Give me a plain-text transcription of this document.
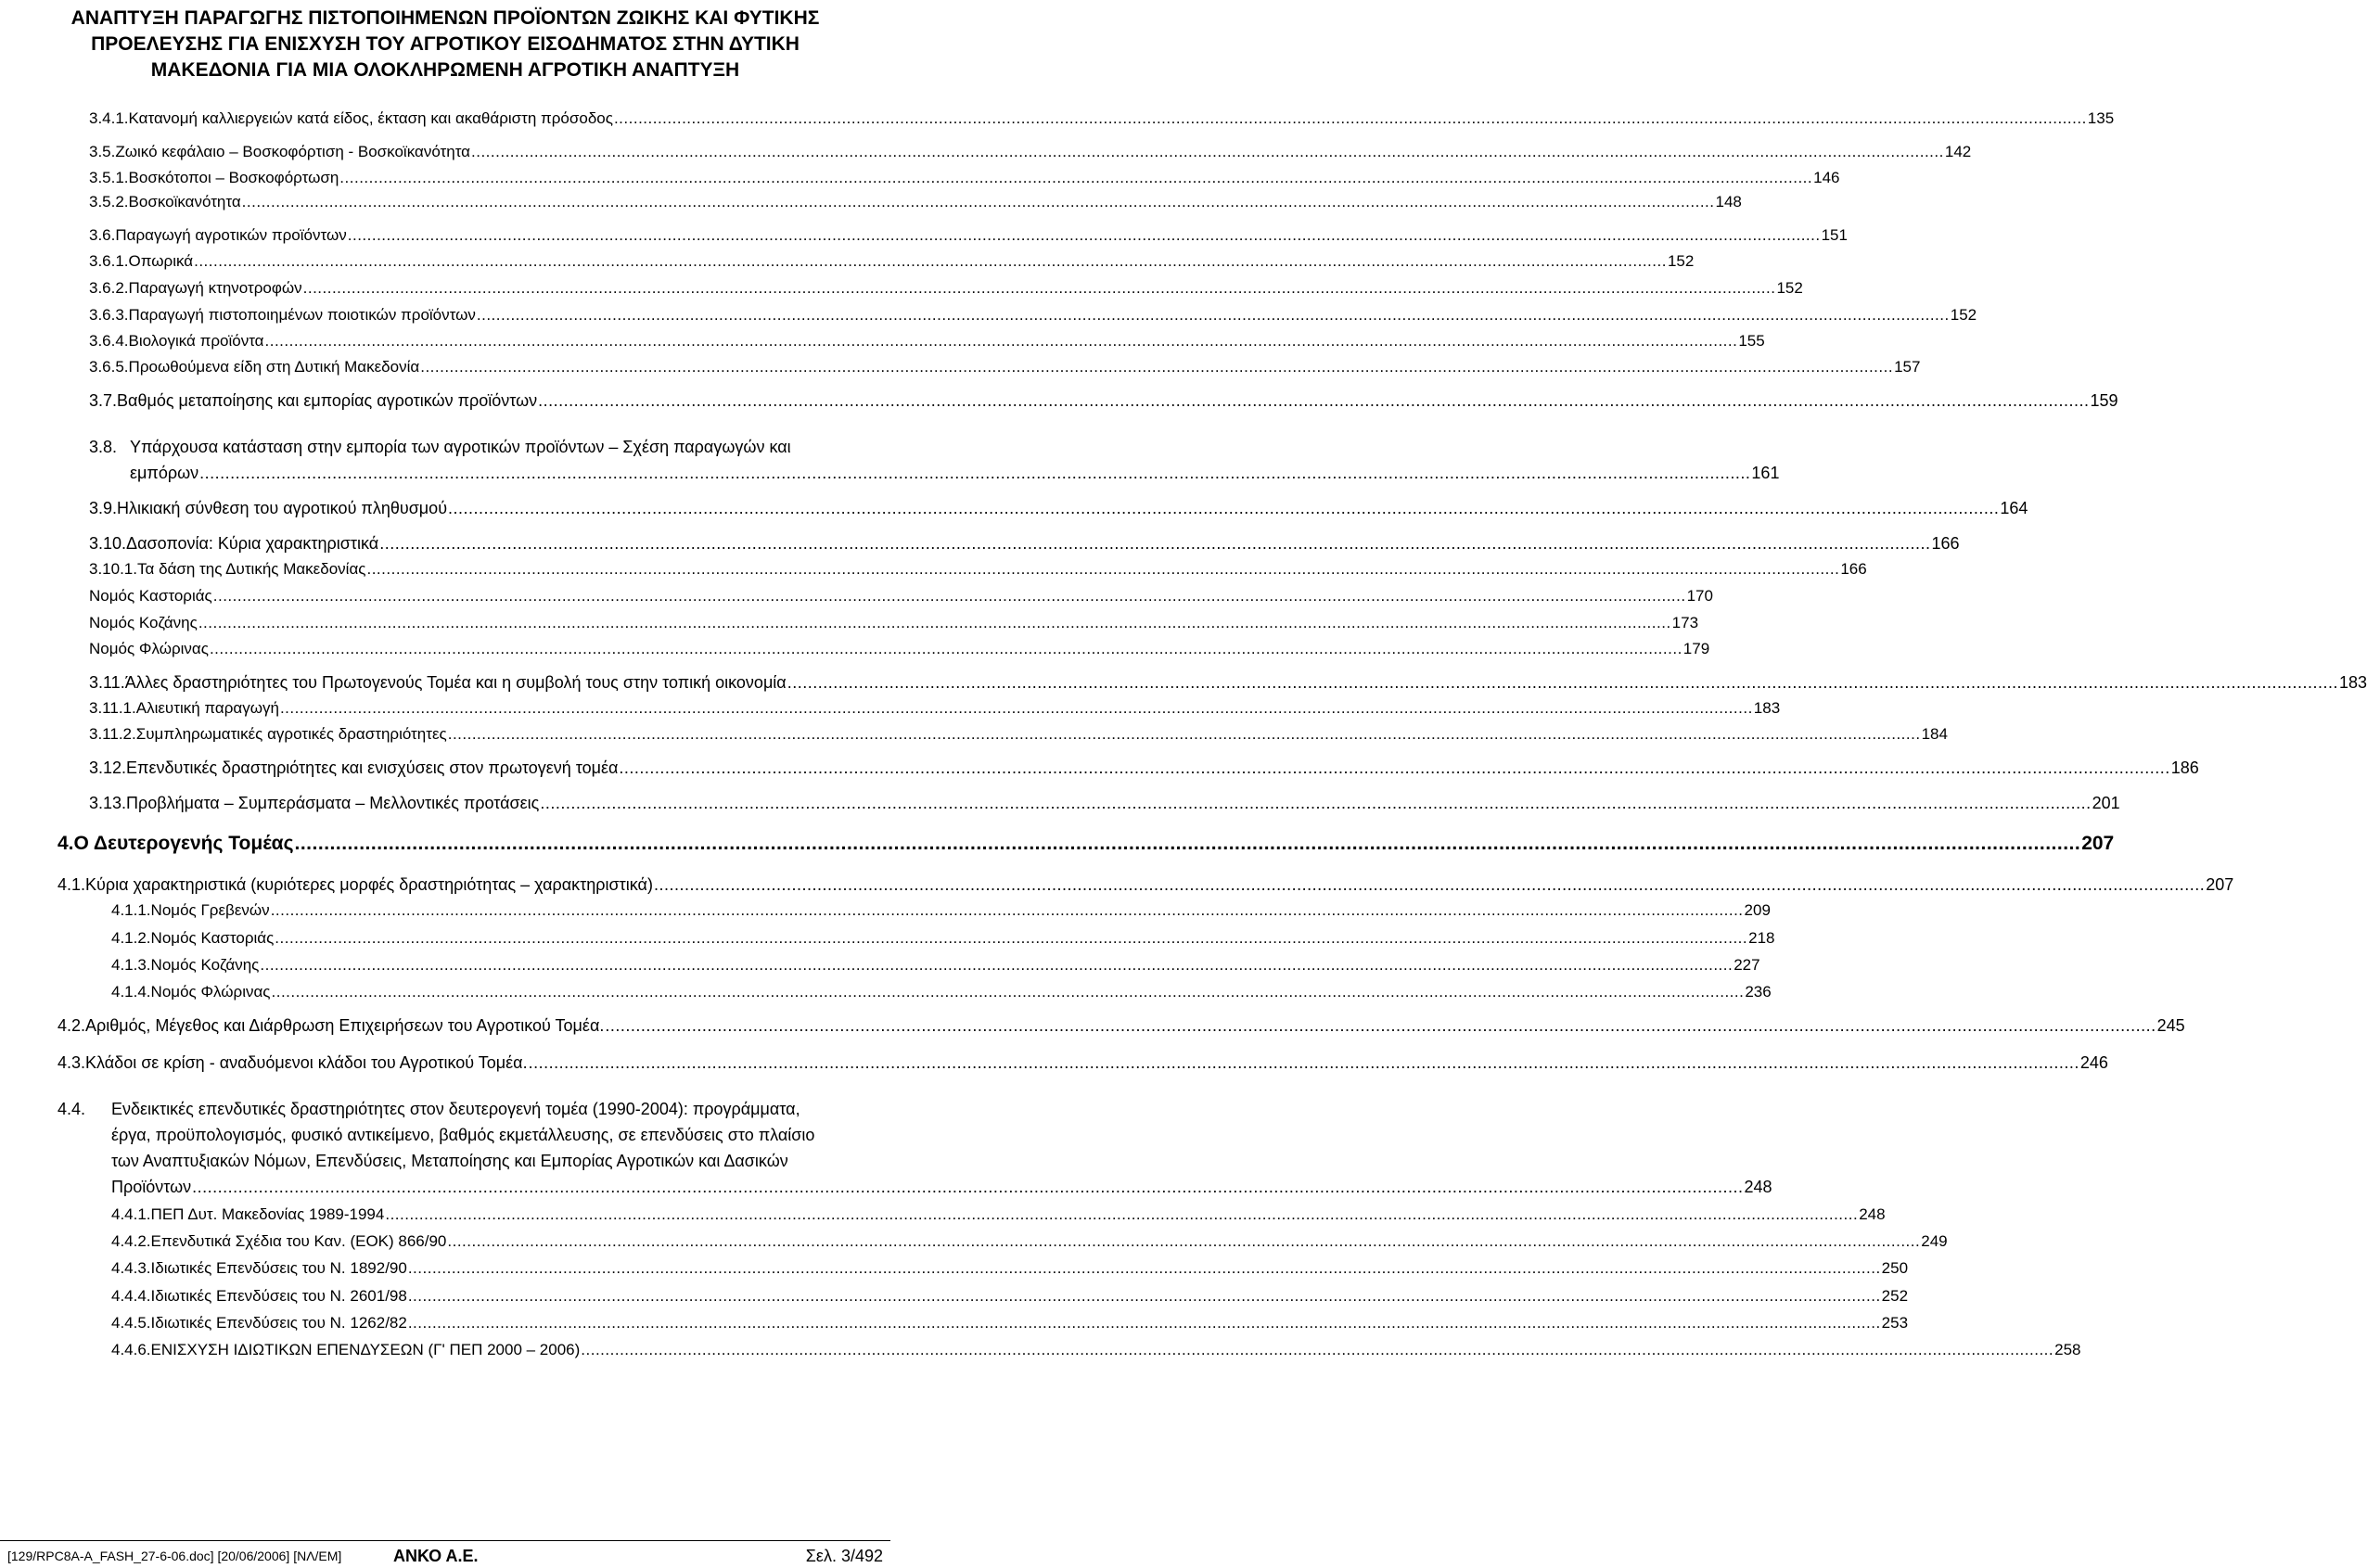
ΑΝΑΠΤΥΞΗ ΠΑΡΑΓΩΓΗΣ ΠΙΣΤΟΠΟΙΗΜΕΝΩΝ ΠΡΟΪΟΝΤΩΝ ΖΩΙΚΗΣ ΚΑΙ ΦΥΤΙΚΗΣ
ΠΡΟΕΛΕΥΣΗΣ ΓΙΑ ΕΝΙΣΧΥΣΗ ΤΟΥ ΑΓΡΟΤΙΚΟΥ ΕΙΣΟΔΗΜΑΤΟΣ ΣΤΗΝ ΔΥΤΙΚΗ
ΜΑΚΕΔΟΝΙΑ ΓΙΑ ΜΙΑ ΟΛΟΚΛΗΡΩΜΕΝΗ ΑΓΡΟΤΙΚΗ ΑΝΑΠΤΥΞΗ
3.4.1. Κατανομή καλλιεργειών κατά είδος, έκταση και ακαθάριστη πρόσοδος .....	135
3.5. Ζωικό κεφάλαιο – Βοσκοφόρτιση - Βοσκοϊκανότητα .....	142
3.5.1. Βοσκότοποι – Βοσκοφόρτωση .....	146
3.5.2. Βοσκοϊκανότητα .....	148
3.6. Παραγωγή αγροτικών προϊόντων .....	151
3.6.1. Οπωρικά .....	152
3.6.2. Παραγωγή κτηνοτροφών .....	152
3.6.3. Παραγωγή πιστοποιημένων ποιοτικών προϊόντων .....	152
3.6.4. Βιολογικά προϊόντα .....	155
3.6.5. Προωθούμενα είδη στη Δυτική Μακεδονία .....	157
3.7. Βαθμός μεταποίησης και εμπορίας αγροτικών προϊόντων .....	159
3.8. Υπάρχουσα κατάσταση στην εμπορία των αγροτικών προϊόντων – Σχέση παραγωγών και
εμπόρων .....	161
3.9. Ηλικιακή σύνθεση του αγροτικού πληθυσμού .....	164
3.10. Δασοπονία: Κύρια χαρακτηριστικά .....	166
3.10.1. Τα δάση της Δυτικής Μακεδονίας .....	166
Νομός Καστοριάς .....	170
Νομός Κοζάνης .....	173
Νομός Φλώρινας .....	179
3.11. Άλλες δραστηριότητες του Πρωτογενούς Τομέα και η συμβολή τους στην τοπική οικονομία .....	183
3.11.1. Αλιευτική παραγωγή .....	183
3.11.2. Συμπληρωματικές αγροτικές δραστηριότητες .....	184
3.12. Επενδυτικές δραστηριότητες και ενισχύσεις στον πρωτογενή τομέα .....	186
3.13. Προβλήματα – Συμπεράσματα – Μελλοντικές προτάσεις .....	201
4. Ο Δευτερογενής Τομέας .....	207
4.1. Κύρια χαρακτηριστικά (κυριότερες μορφές δραστηριότητας – χαρακτηριστικά) .....	207
4.1.1. Νομός Γρεβενών .....	209
4.1.2. Νομός Καστοριάς .....	218
4.1.3. Νομός Κοζάνης .....	227
4.1.4. Νομός Φλώρινας .....	236
4.2. Αριθμός, Μέγεθος και Διάρθρωση Επιχειρήσεων του Αγροτικού Τομέα. .....	245
4.3. Κλάδοι σε κρίση - αναδυόμενοι κλάδοι του Αγροτικού Τομέα. .....	246
4.4. Ενδεικτικές επενδυτικές δραστηριότητες στον δευτερογενή τομέα (1990-2004): προγράμματα,
έργα, προϋπολογισμός, φυσικό αντικείμενο, βαθμός εκμετάλλευσης, σε επενδύσεις στο πλαίσιο
των Αναπτυξιακών Νόμων, Επενδύσεις, Μεταποίησης και Εμπορίας Αγροτικών και Δασικών
Προϊόντων .....	248
4.4.1. ΠΕΠ Δυτ. Μακεδονίας 1989-1994 .....	248
4.4.2. Επενδυτικά Σχέδια του Καν. (ΕΟΚ) 866/90 .....	249
4.4.3. Ιδιωτικές Επενδύσεις του Ν. 1892/90 .....	250
4.4.4. Ιδιωτικές Επενδύσεις του Ν. 2601/98 .....	252
4.4.5. Ιδιωτικές Επενδύσεις του Ν. 1262/82 .....	253
4.4.6. ΕΝΙΣΧΥΣΗ ΙΔΙΩΤΙΚΩΝ ΕΠΕΝΔΥΣΕΩΝ (Γ' ΠΕΠ 2000 – 2006) .....	258
[129/RPC8A-A_FASH_27-6-06.doc] [20/06/2006] [ΝΛ/ΕΜ]	ΑΝΚΟ Α.Ε.	Σελ. 3/492
